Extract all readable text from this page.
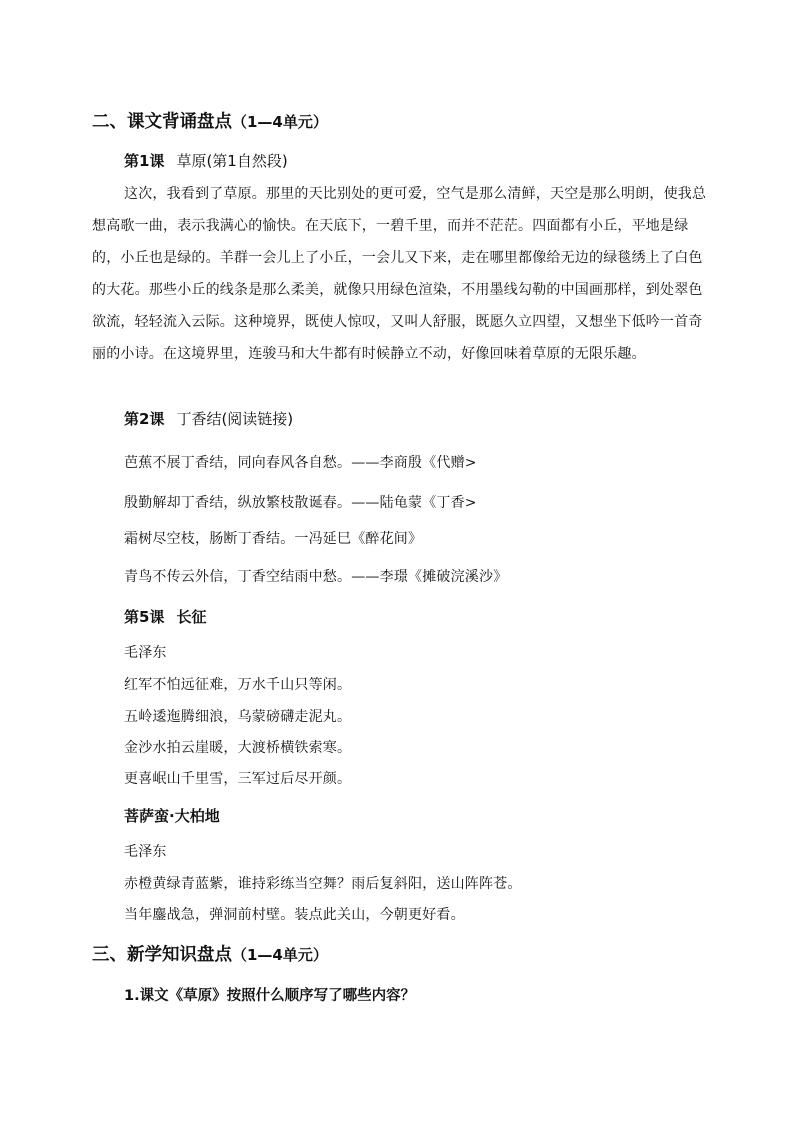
二、课文背诵盘点（1—4单元）
第1课 草原(第1自然段)

这次，我看到了草原。那里的天比别处的更可爱，空气是那么清鲜，天空是那么明朗，使我总想高歌一曲，表示我满心的愉快。在天底下，一碧千里，而并不茫茫。四面都有小丘，平地是绿的，小丘也是绿的。羊群一会儿上了小丘，一会儿又下来，走在哪里都像给无边的绿毯绣上了白色的大花。那些小丘的线条是那么柔美，就像只用绿色渲染，不用墨线勾勒的中国画那样，到处翠色欲流，轻轻流入云际。这种境界，既使人惊叹，又叫人舒服，既愿久立四望，又想坐下低吟一首奇丽的小诗。在这境界里，连骏马和大牛都有时候静立不动，好像回味着草原的无限乐趣。

第2课 丁香结(阅读链接)
芭蕉不展丁香结，同向春风各自愁。——李商殷《代赠>
殷勤解却丁香结，纵放繁枝散诞春。——陆龟蒙《丁香>
霜树尽空枝，肠断丁香结。一冯延巳《醉花间》
青鸟不传云外信，丁香空结雨中愁。——李璟《摊破浣溪沙》
第5课 长征
毛泽东
红军不怕远征难，万水千山只等闲。
五岭逶迤腾细浪，乌蒙磅礴走泥丸。
金沙水拍云崖暖，大渡桥横铁索寒。
更喜岷山千里雪，三军过后尽开颜。
菩萨蛮·大柏地
毛泽东
赤橙黄绿青蓝紫，谁持彩练当空舞？雨后复斜阳，送山阵阵苍。
当年鏖战急，弹洞前村壁。装点此关山，今朝更好看。
三、新学知识盘点（1—4单元）
1.课文《草原》按照什么顺序写了哪些内容？
